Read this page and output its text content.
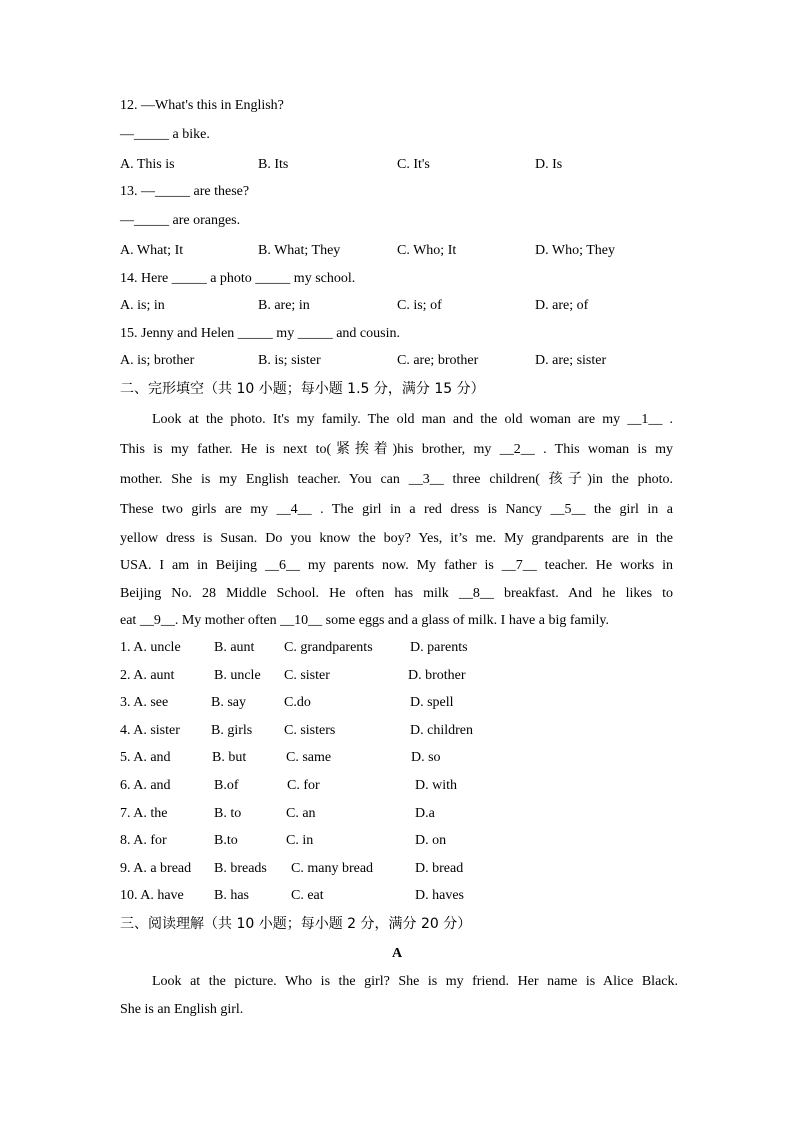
12. —What's this in English?
—_____ a bike.
A. This is	B. Its	C. It's	D. Is
13. —_____ are these?
—_____ are oranges.
A. What; It	B. What; They	C. Who; It	D. Who; They
14. Here _____ a photo _____ my school.
A. is; in	B. are; in	C. is; of	D. are; of
15. Jenny and Helen _____ my _____ and cousin.
A. is; brother	B. is; sister	C. are; brother	D. are; sister
二、完形填空（共 10 小题；每小题 1.5 分，满分 15 分）
Look at the photo. It's my family. The old man and the old woman are my __1__ .
This is my father. He is next to(紧挨着)his brother, my __2__ . This woman is my
mother. She is my English teacher. You can __3__ three children( 孩子)in the photo.
These two girls are my __4__ . The girl in a red dress is Nancy __5__ the girl in a
yellow dress is Susan. Do you know the boy? Yes, it’s me. My grandparents are in the
USA. I am in Beijing __6__ my parents now. My father is __7__ teacher. He works in
Beijing No. 28 Middle School. He often has milk __8__ breakfast. And he likes to
eat __9__. My mother often __10__ some eggs and a glass of milk. I have a big family.
1. A. uncle B. aunt C. grandparents	D. parents
2. A. aunt	B. uncle C. sister	D. brother
3. A. see	B. say	C.do	D. spell
4. A. sister B. girls C. sisters	D. children
5. A. and	B. but	C. same	D. so
6. A. and	B.of	C. for	D. with
7. A. the	B. to	C. an	D.a
8. A. for	B.to	C. in	D. on
9. A. a bread B. breads C. many bread	D. bread
10. A. have B. has	C. eat	D. haves
三、阅读理解（共 10 小题；每小题 2 分，满分 20 分）
A
Look at the picture. Who is the girl? She is my friend. Her name is Alice Black.
She is an English girl.
